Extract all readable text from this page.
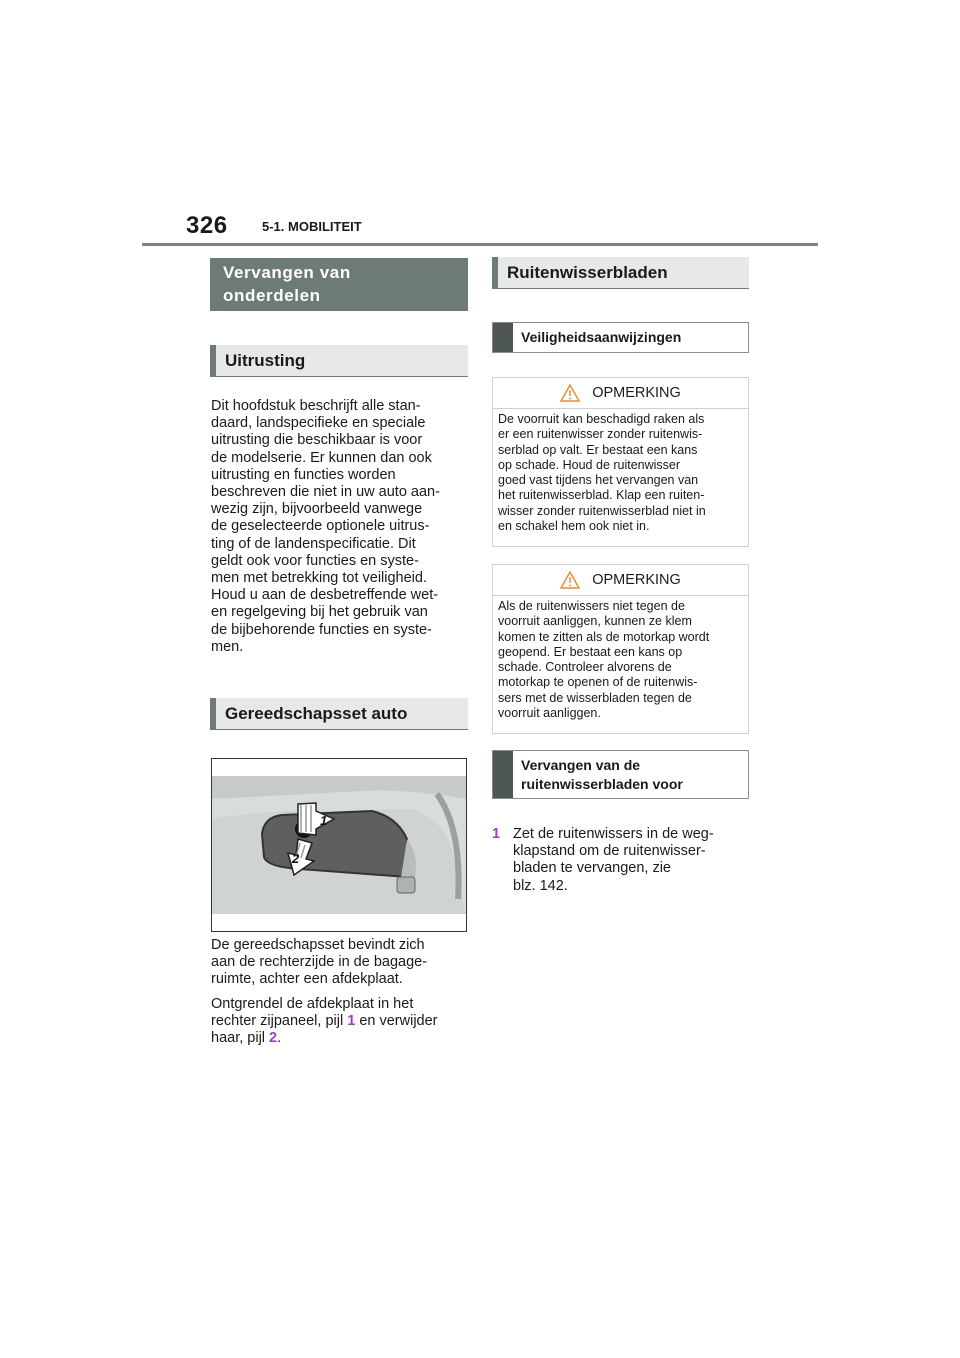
326	5-1. MOBILITEIT
Vervangen van
onderdelen
Uitrusting
Dit hoofdstuk beschrijft alle stan-
daard, landspecifieke en speciale
uitrusting die beschikbaar is voor
de modelserie. Er kunnen dan ook
uitrusting en functies worden
beschreven die niet in uw auto aan-
wezig zijn, bijvoorbeeld vanwege
de geselecteerde optionele uitrus-
ting of de landenspecificatie. Dit
geldt ook voor functies en syste-
men met betrekking tot veiligheid.
Houd u aan de desbetreffende wet-
en regelgeving bij het gebruik van
de bijbehorende functies en syste-
men.
Gereedschapsset auto
1
2
De gereedschapsset bevindt zich
aan de rechterzijde in de bagage-
ruimte, achter een afdekplaat.
Ontgrendel de afdekplaat in het
rechter zijpaneel, pijl 1 en verwijder
haar, pijl 2.
Ruitenwisserbladen
Veiligheidsaanwijzingen
OPMERKING
De voorruit kan beschadigd raken als
er een ruitenwisser zonder ruitenwis-
serblad op valt. Er bestaat een kans
op schade. Houd de ruitenwisser
goed vast tijdens het vervangen van
het ruitenwisserblad. Klap een ruiten-
wisser zonder ruitenwisserblad niet in
en schakel hem ook niet in.
OPMERKING
Als de ruitenwissers niet tegen de
voorruit aanliggen, kunnen ze klem
komen te zitten als de motorkap wordt
geopend. Er bestaat een kans op
schade. Controleer alvorens de
motorkap te openen of de ruitenwis-
sers met de wisserbladen tegen de
voorruit aanliggen.
Vervangen van de
ruitenwisserbladen voor
1 Zet de ruitenwissers in de weg-
klapstand om de ruitenwisser-
bladen te vervangen, zie
blz. 142.
